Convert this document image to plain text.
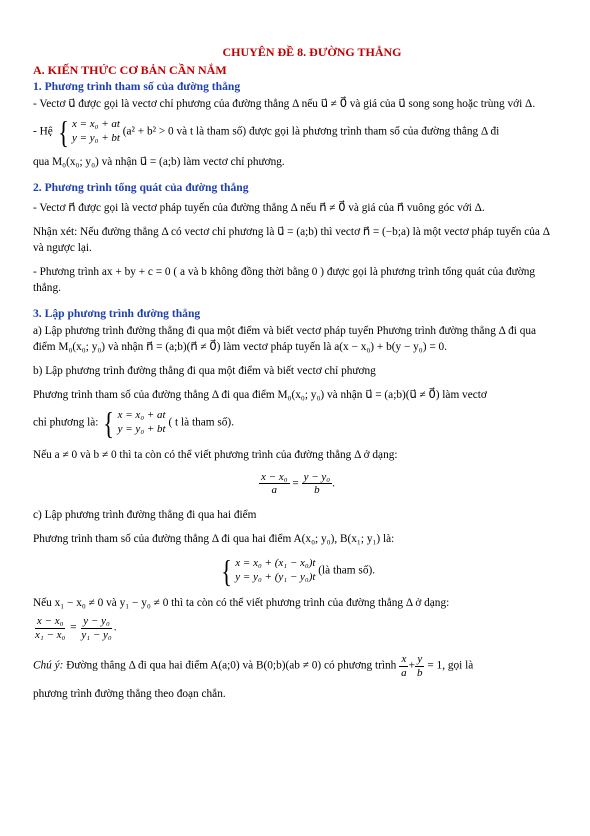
CHUYÊN ĐỀ 8. ĐƯỜNG THẲNG
A. KIẾN THỨC CƠ BẢN CẦN NẮM
1. Phương trình tham số của đường thẳng

- Vectơ u⃗ được gọi là vectơ chỉ phương của đường thẳng Δ nếu u⃗ ≠ 0⃗ và giá của u⃗ song song hoặc trùng với Δ.

- Hệ { x = x₀ + at
y = y₀ + bt
(a² + b² > 0 và t là tham số) được gọi là phương trình tham số của đường thẳng Δ đi

qua M₀(x₀; y₀) và nhận u⃗ = (a;b) làm vectơ chỉ phương.

2. Phương trình tổng quát của đường thẳng

- Vectơ n⃗ được gọi là vectơ pháp tuyến của đường thẳng Δ nếu n⃗ ≠ 0⃗ và giá của n⃗ vuông góc với Δ.

Nhận xét: Nếu đường thẳng Δ có vectơ chỉ phương là u⃗ = (a;b) thì vectơ n⃗ = (−b;a) là một vectơ pháp tuyến của Δ và ngược lại.

- Phương trình ax + by + c = 0 ( a và b không đồng thời bằng 0 ) được gọi là phương trình tổng quát của đường thẳng.

3. Lập phương trình đường thẳng

a) Lập phương trình đường thẳng đi qua một điểm và biết vectơ pháp tuyến Phương trình đường thẳng Δ đi qua điểm M₀(x₀; y₀) và nhận n⃗ = (a;b)(n⃗ ≠ 0⃗) làm vectơ pháp tuyến là a(x − x₀) + b(y − y₀) = 0.

b) Lập phương trình đường thẳng đi qua một điểm và biết vectơ chỉ phương

Phương trình tham số của đường thẳng Δ đi qua điểm M₀(x₀; y₀) và nhận u⃗ = (a;b)(u⃗ ≠ 0⃗) làm vectơ

chỉ phương là: { x = x₀ + at
y = y₀ + bt
( t là tham số).

Nếu a ≠ 0 và b ≠ 0 thì ta còn có thể viết phương trình của đường thẳng Δ ở dạng:

$\frac{\text{x − x₀}}{a} = \frac{\text{y − y₀}}{b}$ .

c) Lập phương trình đường thẳng đi qua hai điểm

Phương trình tham số của đường thẳng Δ đi qua hai điểm A(x₀; y₀), B(x₁; y₁) là:

{ x = x₀ + (x₁ − x₀)t
y = y₀ + (y₁ − y₀)t
(là tham số).

Nếu x₁ − x₀ ≠ 0 và y₁ − y₀ ≠ 0 thì ta còn có thể viết phương trình của đường thẳng Δ ở dạng:

$\frac{\text{x − x₀}}{\text{x₁ − x₀}} = \frac{\text{y − y₀}}{\text{y₁ − y₀}}$ .

Chú ý: Đường thẳng Δ đi qua hai điểm A(a;0) và B(0;b)(ab ≠ 0) có phương trình $\frac{x}{a} + \frac{y}{b} = 1$, gọi là

phương trình đường thẳng theo đoạn chắn.
